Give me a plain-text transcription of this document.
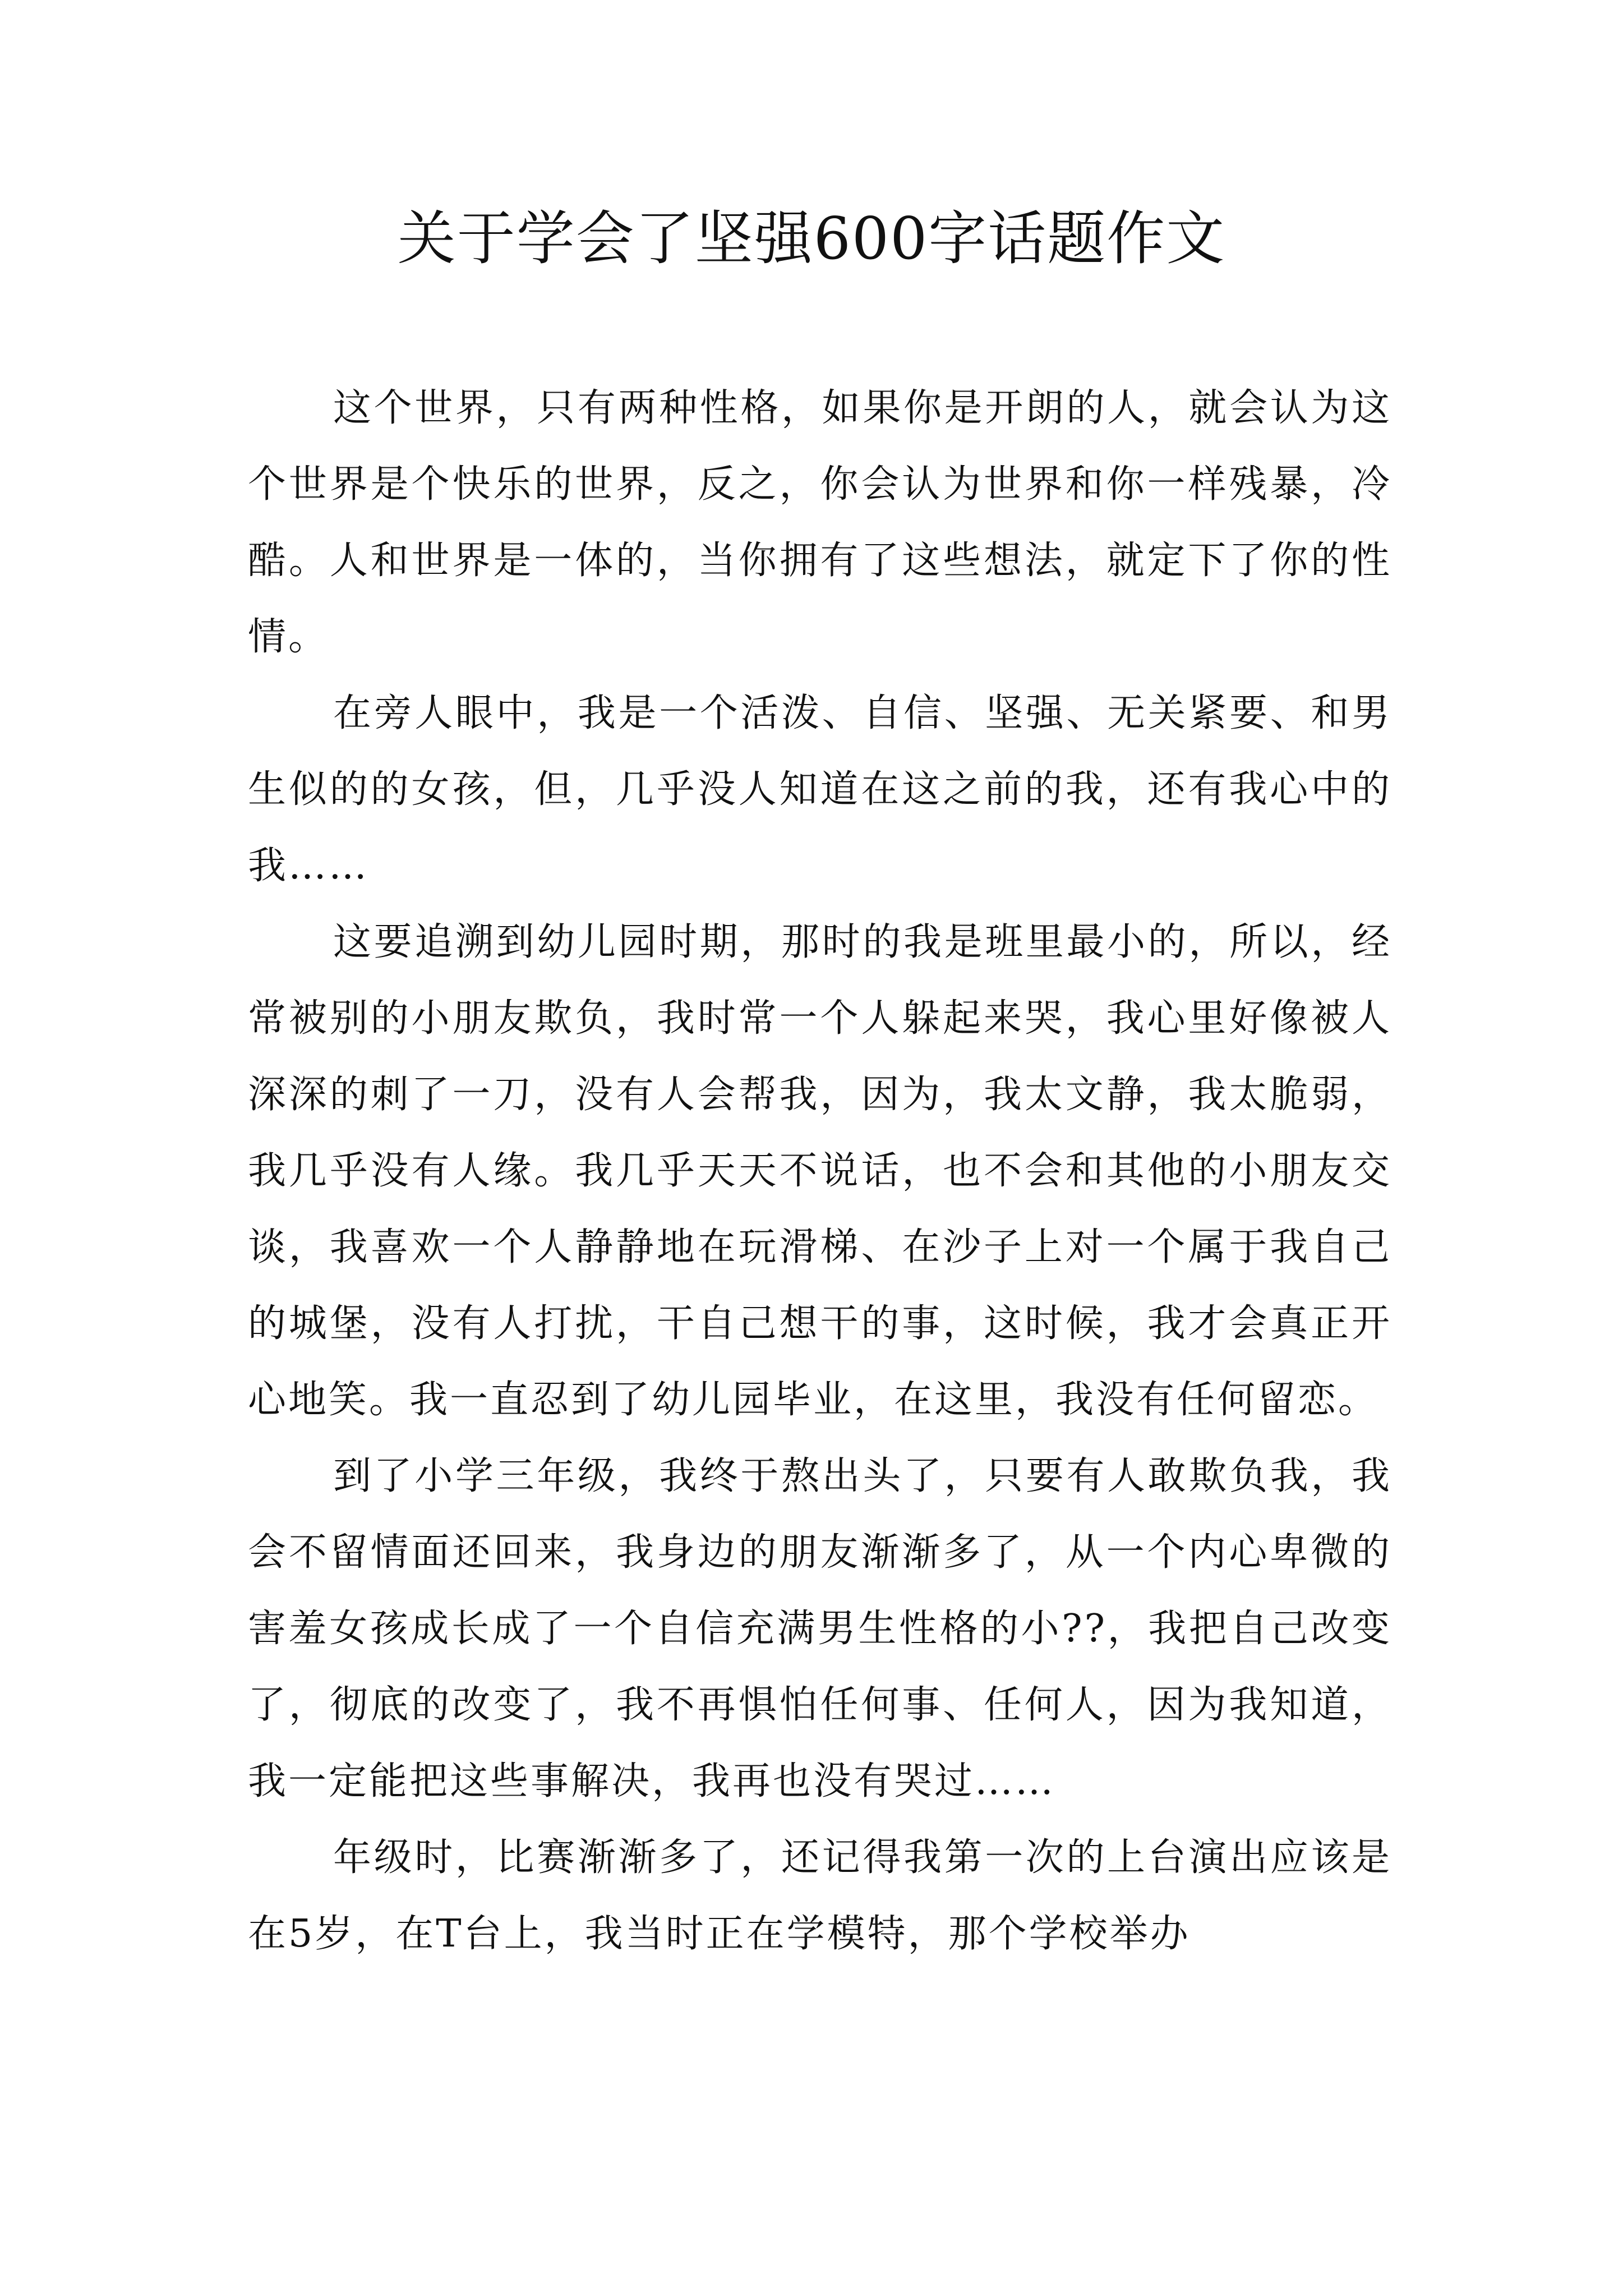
关于学会了坚强600字话题作文

这个世界，只有两种性格，如果你是开朗的人，就会认为这个世界是个快乐的世界，反之，你会认为世界和你一样残暴，冷酷。人和世界是一体的，当你拥有了这些想法，就定下了你的性情。

在旁人眼中，我是一个活泼、自信、坚强、无关紧要、和男生似的的女孩，但，几乎没人知道在这之前的我，还有我心中的我……

这要追溯到幼儿园时期，那时的我是班里最小的，所以，经常被别的小朋友欺负，我时常一个人躲起来哭，我心里好像被人深深的刺了一刀，没有人会帮我，因为，我太文静，我太脆弱，我几乎没有人缘。我几乎天天不说话，也不会和其他的小朋友交谈，我喜欢一个人静静地在玩滑梯、在沙子上对一个属于我自己的城堡，没有人打扰，干自己想干的事，这时候，我才会真正开心地笑。我一直忍到了幼儿园毕业，在这里，我没有任何留恋。

到了小学三年级，我终于熬出头了，只要有人敢欺负我，我会不留情面还回来，我身边的朋友渐渐多了，从一个内心卑微的害羞女孩成长成了一个自信充满男生性格的小??，我把自己改变了，彻底的改变了，我不再惧怕任何事、任何人，因为我知道，我一定能把这些事解决，我再也没有哭过……

年级时，比赛渐渐多了，还记得我第一次的上台演出应该是在5岁，在T台上，我当时正在学模特，那个学校举办
